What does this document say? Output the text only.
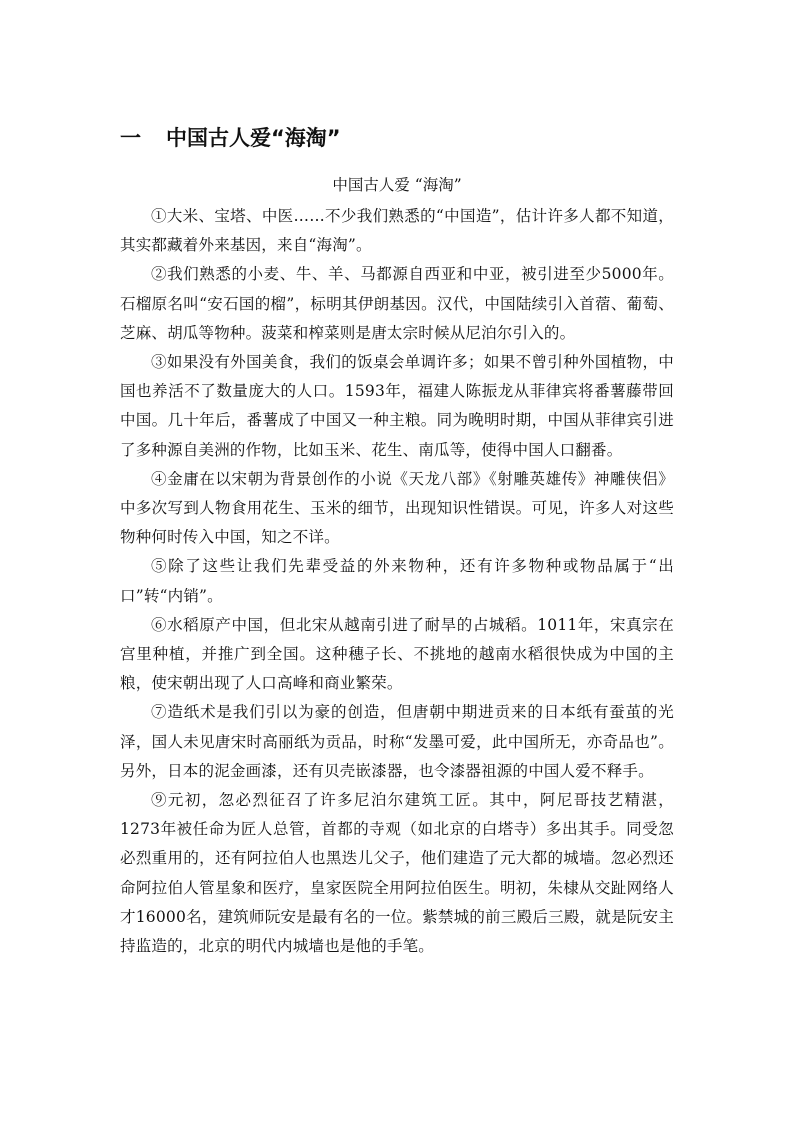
一 中国古人爱“海淘”
中国古人爱 “海淘”

①大米、宝塔、中医……不少我们熟悉的“中国造”，估计许多人都不知道，其实都藏着外来基因，来自“海淘”。

②我们熟悉的小麦、牛、羊、马都源自西亚和中亚，被引进至少5000年。石榴原名叫“安石国的榴”，标明其伊朗基因。汉代，中国陆续引入首蓿、葡萄、芝麻、胡瓜等物种。菠菜和榨菜则是唐太宗时候从尼泊尔引入的。

③如果没有外国美食，我们的饭桌会单调许多；如果不曾引种外国植物，中国也养活不了数量庞大的人口。1593年，福建人陈振龙从菲律宾将番薯藤带回中国。几十年后，番薯成了中国又一种主粮。同为晚明时期，中国从菲律宾引进了多种源自美洲的作物，比如玉米、花生、南瓜等，使得中国人口翻番。

④金庸在以宋朝为背景创作的小说《天龙八部》《射雕英雄传》神雕侠侣》中多次写到人物食用花生、玉米的细节，出现知识性错误。可见，许多人对这些物种何时传入中国，知之不详。

⑤除了这些让我们先辈受益的外来物种，还有许多物种或物品属于“出口”转“内销”。

⑥水稻原产中国，但北宋从越南引进了耐旱的占城稻。1011年，宋真宗在宫里种植，并推广到全国。这种穗子长、不挑地的越南水稻很快成为中国的主粮，使宋朝出现了人口高峰和商业繁荣。

⑦造纸术是我们引以为豪的创造，但唐朝中期进贡来的日本纸有蚕茧的光泽，国人未见唐宋时高丽纸为贡品，时称“发墨可爱，此中国所无，亦奇品也”。另外，日本的泥金画漆，还有贝壳嵌漆器，也令漆器祖源的中国人爱不释手。

⑨元初，忽必烈征召了许多尼泊尔建筑工匠。其中，阿尼哥技艺精湛，1273年被任命为匠人总管，首都的寺观（如北京的白塔寺）多出其手。同受忽必烈重用的，还有阿拉伯人也黑迭儿父子，他们建造了元大都的城墙。忽必烈还命阿拉伯人管星象和医疗，皇家医院全用阿拉伯医生。明初，朱棣从交趾网络人才16000名，建筑师阮安是最有名的一位。紫禁城的前三殿后三殿，就是阮安主持监造的，北京的明代内城墙也是他的手笔。
